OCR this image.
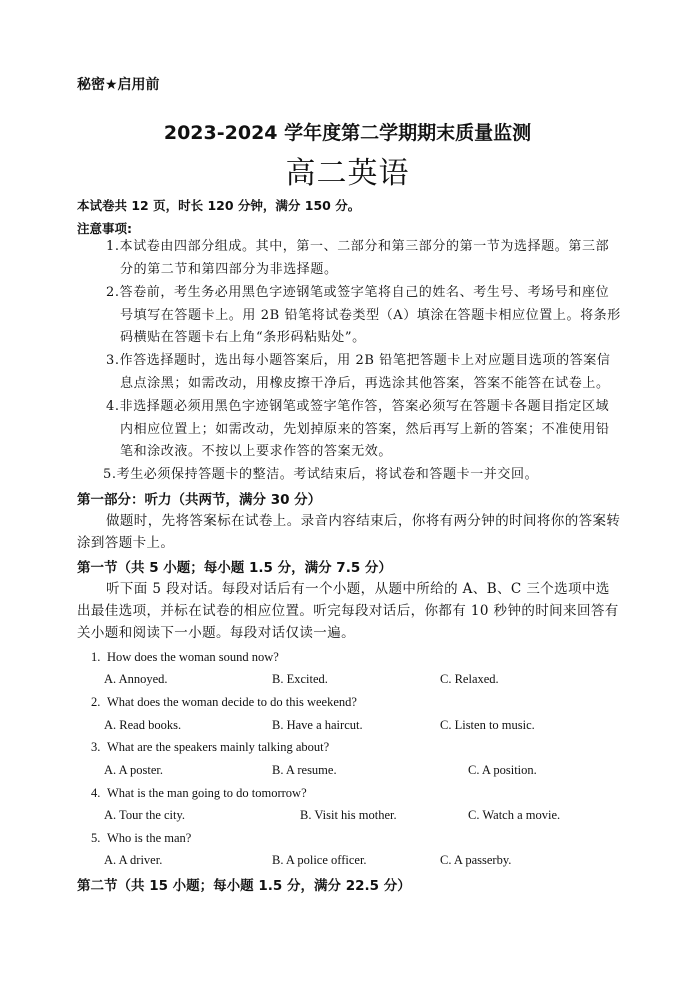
秘密★启用前
2023-2024 学年度第二学期期末质量监测
高二英语
本试卷共 12 页，时长 120 分钟，满分 150 分。
注意事项:
1.本试卷由四部分组成。其中，第一、二部分和第三部分的第一节为选择题。第三部
分的第二节和第四部分为非选择题。
2.答卷前，考生务必用黑色字迹钢笔或签字笔将自己的姓名、考生号、考场号和座位
号填写在答题卡上。用 2B 铅笔将试卷类型（A）填涂在答题卡相应位置上。将条形
码横贴在答题卡右上角“条形码粘贴处”。
3.作答选择题时，选出每小题答案后，用 2B 铅笔把答题卡上对应题目选项的答案信
息点涂黑；如需改动，用橡皮擦干净后，再选涂其他答案，答案不能答在试卷上。
4.非选择题必须用黑色字迹钢笔或签字笔作答，答案必须写在答题卡各题目指定区域
内相应位置上；如需改动，先划掉原来的答案，然后再写上新的答案；不准使用铅
笔和涂改液。不按以上要求作答的答案无效。
5.考生必须保持答题卡的整洁。考试结束后，将试卷和答题卡一并交回。
第一部分：听力（共两节，满分 30 分）
做题时，先将答案标在试卷上。录音内容结束后，你将有两分钟的时间将你的答案转涂到答题卡上。
第一节（共 5 小题；每小题 1.5 分，满分 7.5 分）
听下面 5 段对话。每段对话后有一个小题，从题中所给的 A、B、C 三个选项中选出最佳选项，并标在试卷的相应位置。听完每段对话后，你都有 10 秒钟的时间来回答有关小题和阅读下一小题。每段对话仅读一遍。
1. How does the woman sound now?
A. Annoyed.	B. Excited.	C. Relaxed.
2. What does the woman decide to do this weekend?
A. Read books.	B. Have a haircut.	C. Listen to music.
3. What are the speakers mainly talking about?
A. A poster.	B. A resume.	C. A position.
4. What is the man going to do tomorrow?
A. Tour the city.	B. Visit his mother.	C. Watch a movie.
5. Who is the man?
A. A driver.	B. A police officer.	C. A passerby.
第二节（共 15 小题；每小题 1.5 分，满分 22.5 分）
